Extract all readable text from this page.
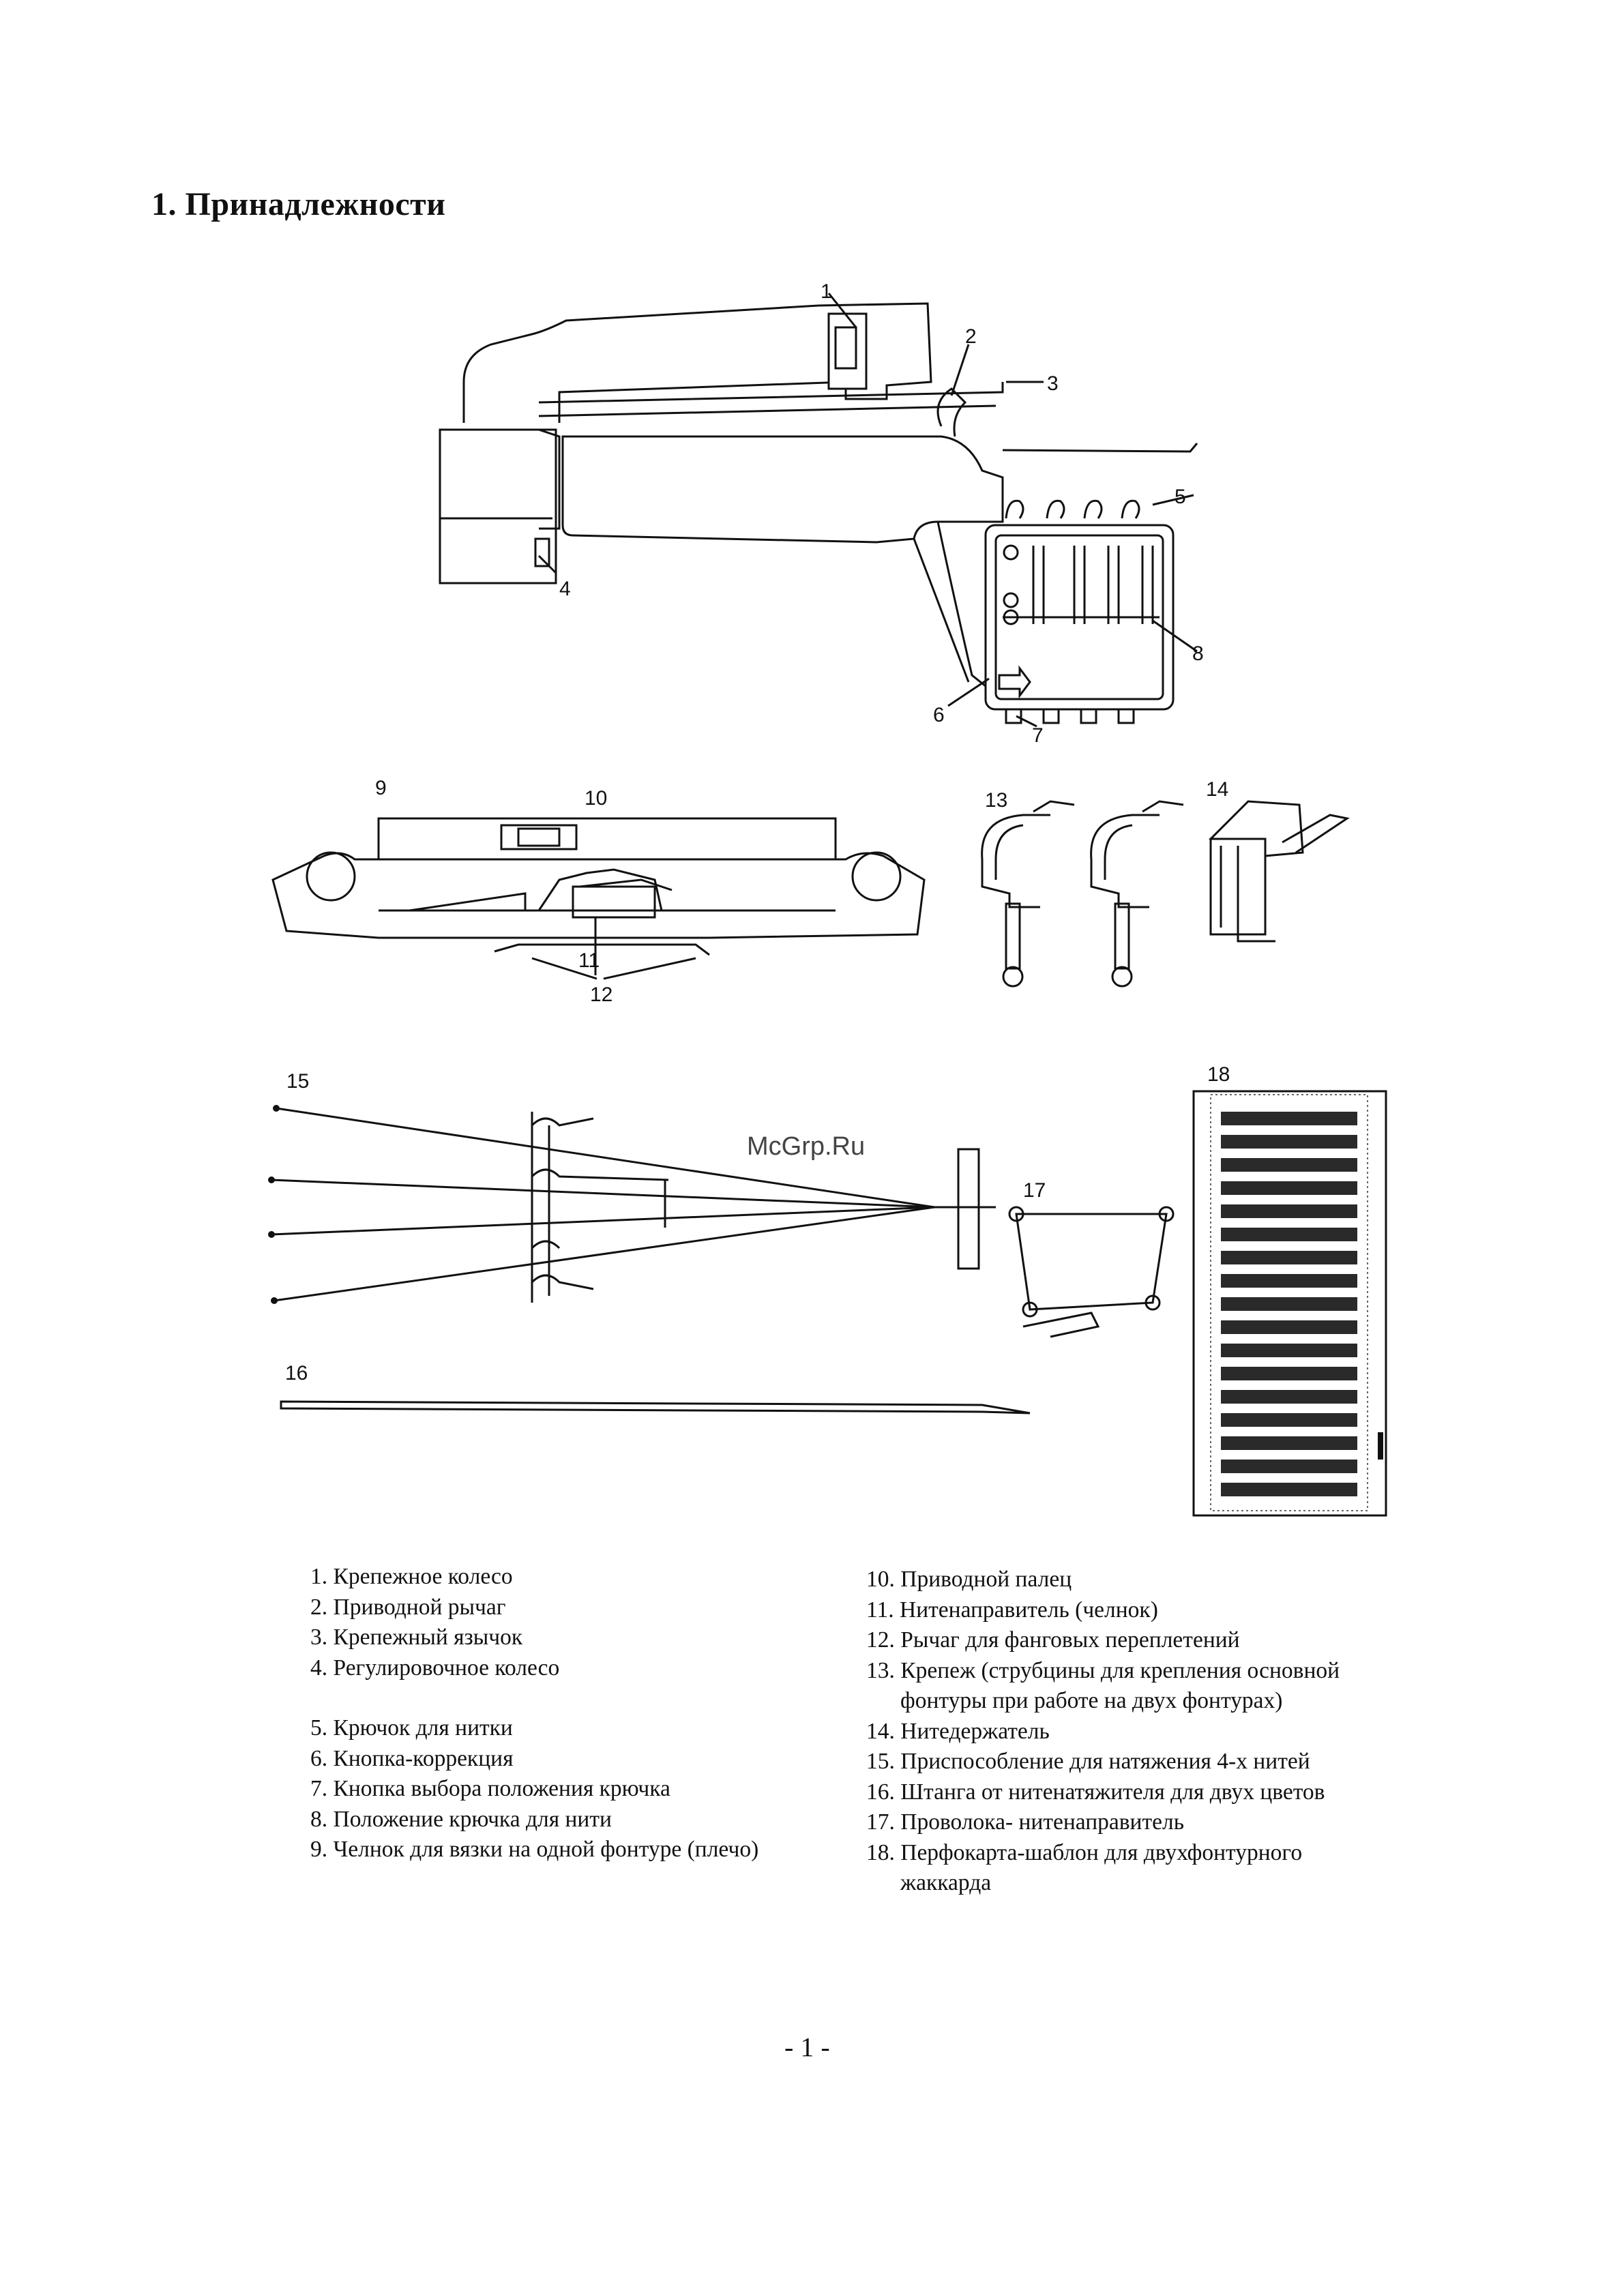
1. Принадлежности
1
2
3
4
5
6
7
8
9	10
11
12
13	14
15
17
16
18
McGrp.Ru
1. Крепежное колесо
2. Приводной рычаг
3. Крепежный язычок
4. Регулировочное колесо
5. Крючок для нитки
6. Кнопка-коррекция
7. Кнопка выбора положения крючка
8. Положение крючка для нити
9. Челнок для вязки на одной фонтуре (плечо)
10. Приводной палец
11. Нитенаправитель (челнок)
12. Рычаг для фанговых переплетений
13. Крепеж (струбцины для крепления основной
фонтуры при работе на двух фонтурах)
14. Нитедержатель
15. Приспособление для натяжения 4-х нитей
16. Штанга от нитенатяжителя для двух цветов
17. Проволока- нитенаправитель
18. Перфокарта-шаблон для двухфонтурного
жаккарда
- 1 -
